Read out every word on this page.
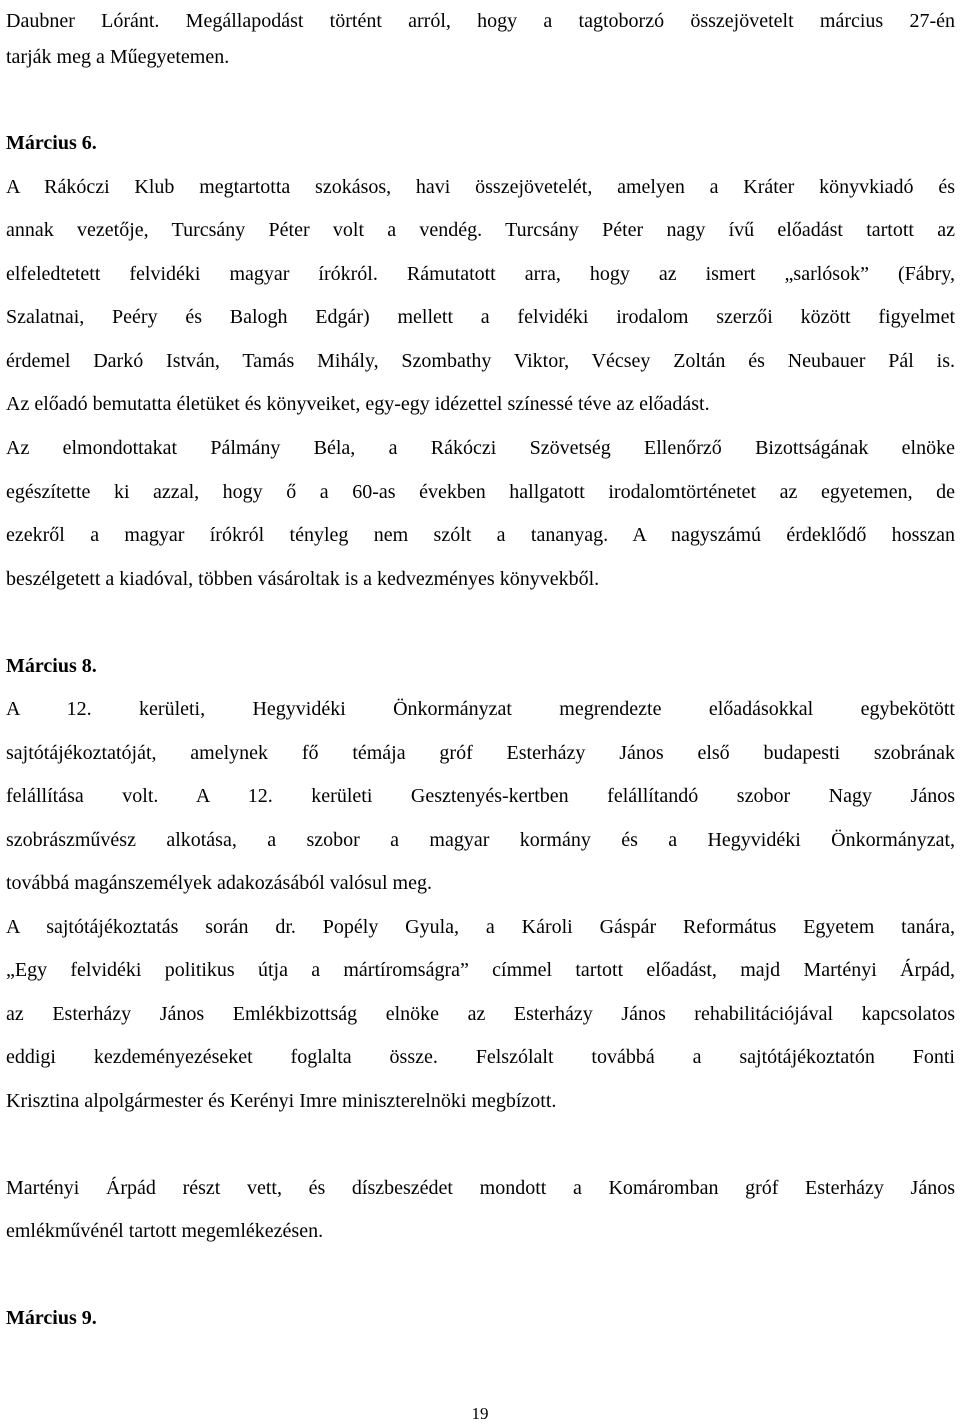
Daubner Lóránt. Megállapodást történt arról, hogy a tagtoborzó összejövetelt március 27-én

tarják meg a Műegyetemen.

Március 6.

A Rákóczi Klub megtartotta szokásos, havi összejövetelét, amelyen a Kráter könyvkiadó és

annak vezetője, Turcsány Péter volt a vendég. Turcsány Péter nagy ívű előadást tartott az

elfeledtetett felvidéki magyar írókról. Rámutatott arra, hogy az ismert „sarlósok” (Fábry,

Szalatnai, Peéry és Balogh Edgár) mellett a felvidéki irodalom szerzői között figyelmet

érdemel Darkó István, Tamás Mihály, Szombathy Viktor, Vécsey Zoltán és Neubauer Pál is.

Az előadó bemutatta életüket és könyveiket, egy-egy idézettel színessé téve az előadást.

Az elmondottakat Pálmány Béla, a Rákóczi Szövetség Ellenőrző Bizottságának elnöke

egészítette ki azzal, hogy ő a 60-as években hallgatott irodalomtörténetet az egyetemen, de

ezekről a magyar írókról tényleg nem szólt a tananyag. A nagyszámú érdeklődő hosszan

beszélgetett a kiadóval, többen vásároltak is a kedvezményes könyvekből.

Március 8.

A 12. kerületi, Hegyvidéki Önkormányzat megrendezte előadásokkal egybekötött

sajtótájékoztatóját, amelynek fő témája gróf Esterházy János első budapesti szobrának

felállítása volt. A 12. kerületi Gesztenyés-kertben felállítandó szobor Nagy János

szobrászművész alkotása, a szobor a magyar kormány és a Hegyvidéki Önkormányzat,

továbbá magánszemélyek adakozásából valósul meg.

A sajtótájékoztatás során dr. Popély Gyula, a Károli Gáspár Református Egyetem tanára,

„Egy felvidéki politikus útja a mártíromságra” címmel tartott előadást, majd Martényi Árpád,

az Esterházy János Emlékbizottság elnöke az Esterházy János rehabilitációjával kapcsolatos

eddigi kezdeményezéseket foglalta össze. Felszólalt továbbá a sajtótájékoztatón Fonti

Krisztina alpolgármester és Kerényi Imre miniszterelnöki megbízott.

Martényi Árpád részt vett, és díszbeszédet mondott a Komáromban gróf Esterházy János

emlékművénél tartott megemlékezésen.

Március 9.

19
